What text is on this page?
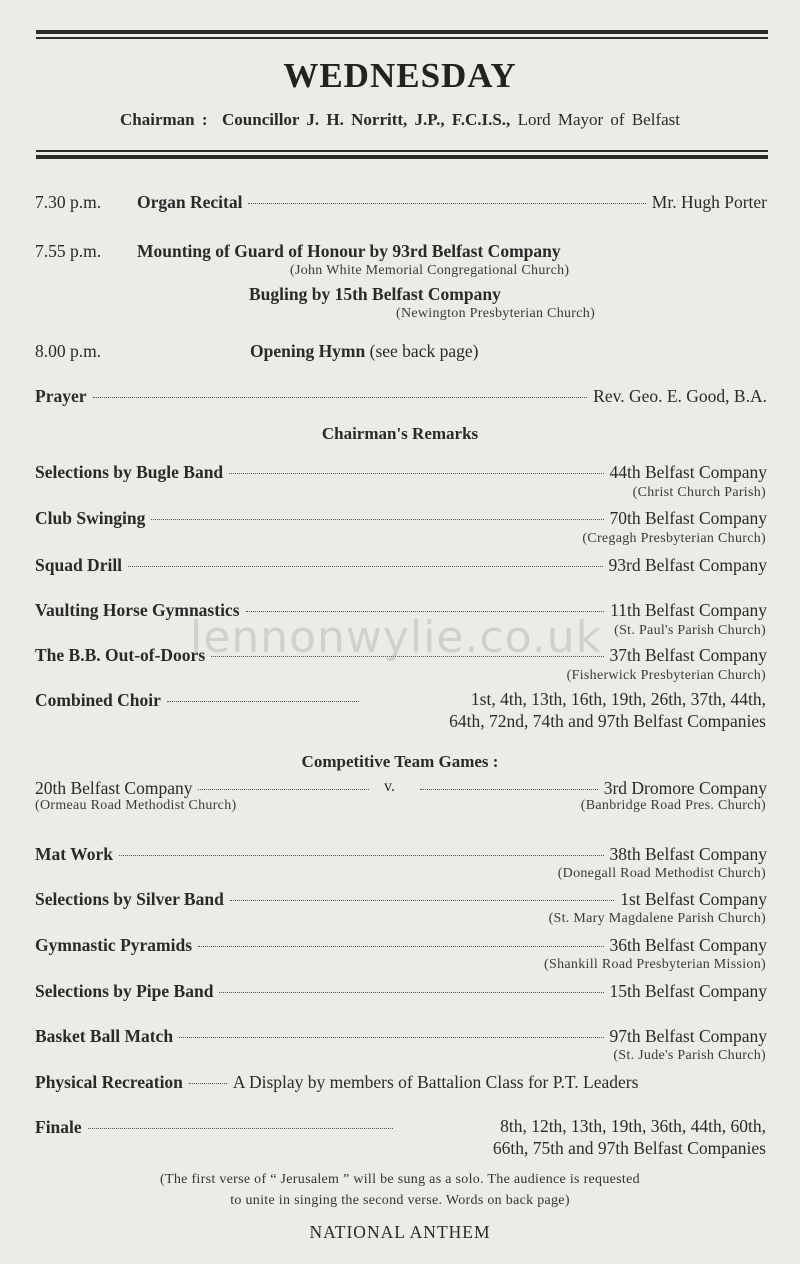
WEDNESDAY
Chairman : Councillor J. H. Norritt, J.P., F.C.I.S., Lord Mayor of Belfast
7.30 p.m.	Organ Recital	Mr. Hugh Porter
7.55 p.m.	Mounting of Guard of Honour by 93rd Belfast Company
(John White Memorial Congregational Church)
Bugling by 15th Belfast Company
(Newington Presbyterian Church)
8.00 p.m.	Opening Hymn
(see back page)
Prayer	Rev. Geo. E. Good, B.A.
Chairman's Remarks
Selections by Bugle Band	44th Belfast Company
(Christ Church Parish)
Club Swinging	70th Belfast Company
(Cregagh Presbyterian Church)
Squad Drill	93rd Belfast Company
Vaulting Horse Gymnastics	11th Belfast Company
(St. Paul's Parish Church)
The B.B. Out-of-Doors	37th Belfast Company
(Fisherwick Presbyterian Church)
Combined Choir	1st, 4th, 13th, 16th, 19th, 26th, 37th, 44th,
64th, 72nd, 74th and 97th Belfast Companies
Competitive Team Games :
20th Belfast Company	v.	3rd Dromore Company
(Ormeau Road Methodist Church)	(Banbridge Road Pres. Church)
Mat Work	38th Belfast Company
(Donegall Road Methodist Church)
Selections by Silver Band	1st Belfast Company
(St. Mary Magdalene Parish Church)
Gymnastic Pyramids	36th Belfast Company
(Shankill Road Presbyterian Mission)
Selections by Pipe Band	15th Belfast Company
Basket Ball Match	97th Belfast Company
(St. Jude's Parish Church)
Physical Recreation	A Display by members of Battalion Class for P.T. Leaders
Finale	8th, 12th, 13th, 19th, 36th, 44th, 60th,
66th, 75th and 97th Belfast Companies
(The first verse of “ Jerusalem ” will be sung as a solo. The audience is requested
to unite in singing the second verse. Words on back page)
NATIONAL ANTHEM
lennonwylie.co.uk
